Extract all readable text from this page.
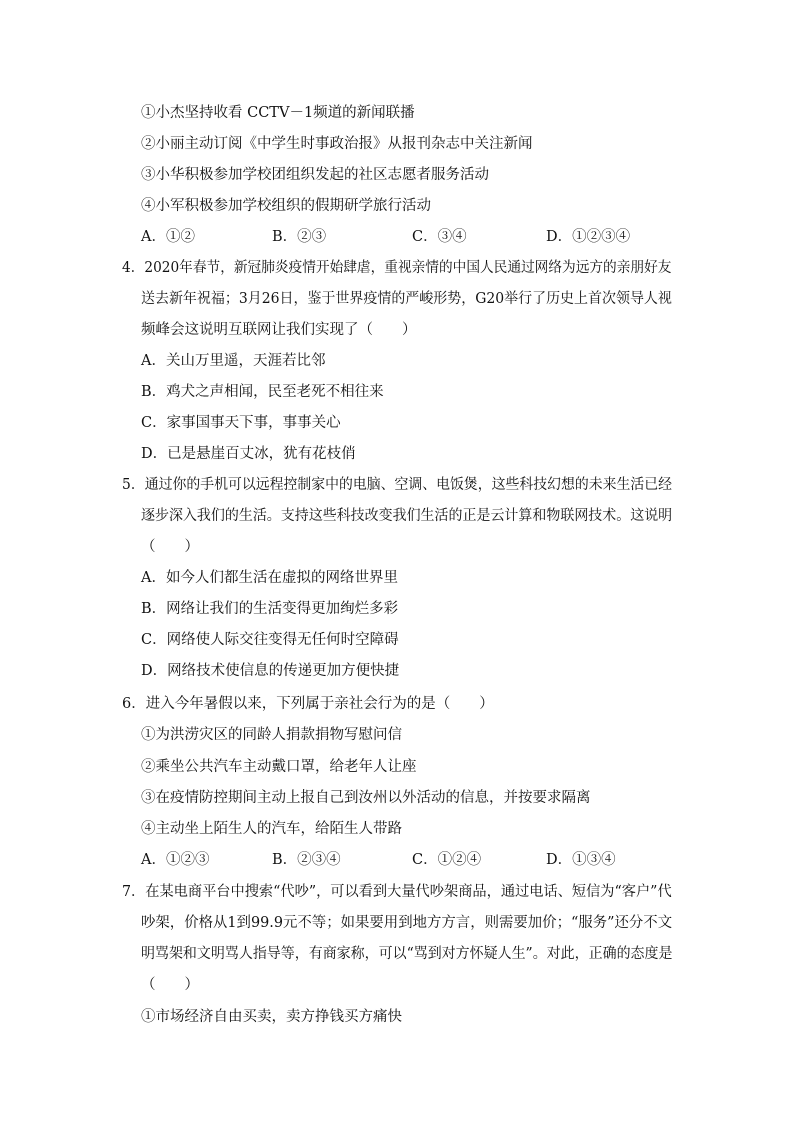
①小杰坚持收看 CCTV－1频道的新闻联播
②小丽主动订阅《中学生时事政治报》从报刊杂志中关注新闻
③小华积极参加学校团组织发起的社区志愿者服务活动
④小军积极参加学校组织的假期研学旅行活动
A．①②	B．②③	C．③④	D．①②③④
4．2020年春节，新冠肺炎疫情开始肆虐，重视亲情的中国人民通过网络为远方的亲朋好友
送去新年祝福；3月26日，鉴于世界疫情的严峻形势，G20举行了历史上首次领导人视
频峰会这说明互联网让我们实现了（　　）
A．关山万里遥，天涯若比邻
B．鸡犬之声相闻，民至老死不相往来
C．家事国事天下事，事事关心
D．已是悬崖百丈冰，犹有花枝俏
5．通过你的手机可以远程控制家中的电脑、空调、电饭煲，这些科技幻想的未来生活已经
逐步深入我们的生活。支持这些科技改变我们生活的正是云计算和物联网技术。这说明
（　　）
A．如今人们都生活在虚拟的网络世界里
B．网络让我们的生活变得更加绚烂多彩
C．网络使人际交往变得无任何时空障碍
D．网络技术使信息的传递更加方便快捷
6．进入今年暑假以来，下列属于亲社会行为的是（　　）
①为洪涝灾区的同龄人捐款捐物写慰问信
②乘坐公共汽车主动戴口罩，给老年人让座
③在疫情防控期间主动上报自己到汝州以外活动的信息，并按要求隔离
④主动坐上陌生人的汽车，给陌生人带路
A．①②③	B．②③④	C．①②④	D．①③④
7．在某电商平台中搜索“代吵”，可以看到大量代吵架商品，通过电话、短信为“客户”代
吵架，价格从1到99.9元不等；如果要用到地方方言，则需要加价；“服务”还分不文
明骂架和文明骂人指导等，有商家称，可以“骂到对方怀疑人生”。对此，正确的态度是
（　　）
①市场经济自由买卖，卖方挣钱买方痛快
